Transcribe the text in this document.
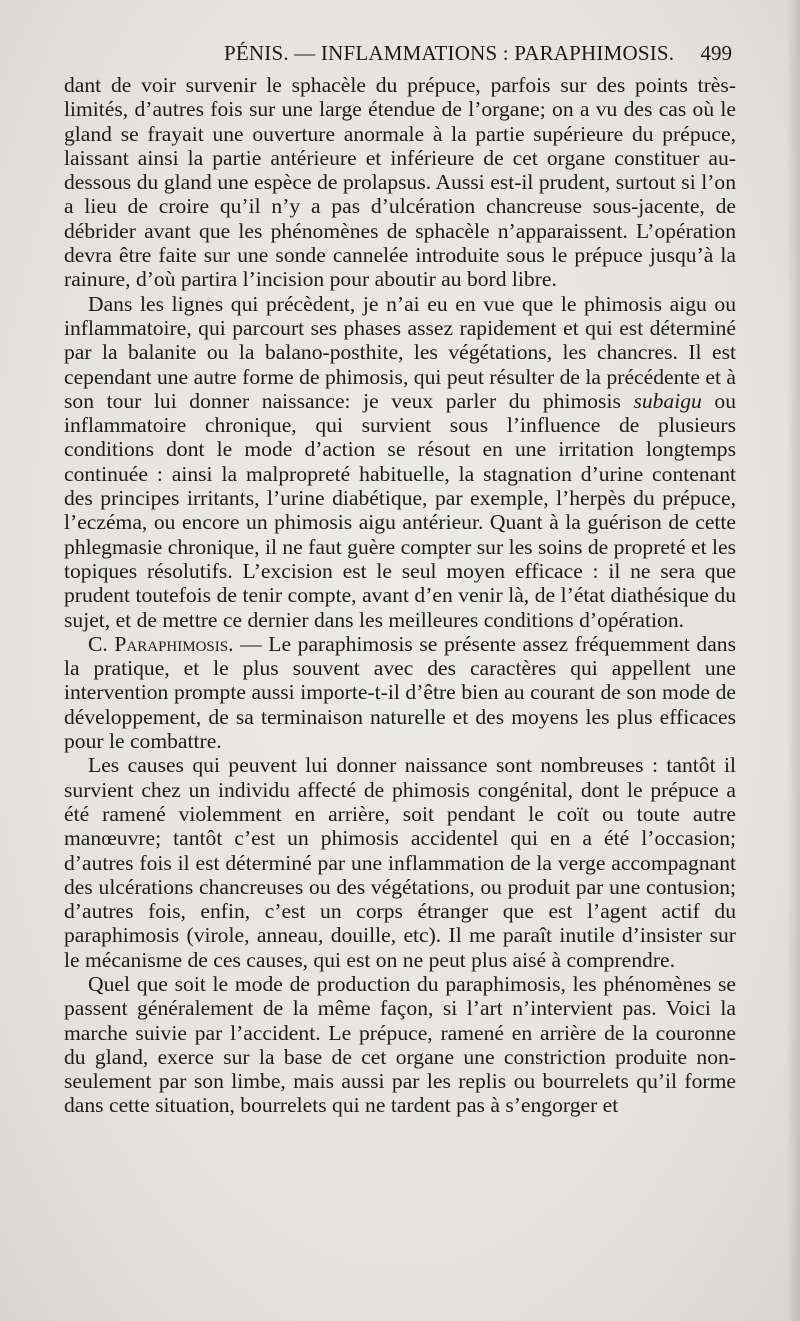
PÉNIS. — INFLAMMATIONS : PARAPHIMOSIS. 499

dant de voir survenir le sphacèle du prépuce, parfois sur des points très-limités, d’autres fois sur une large étendue de l’organe; on a vu des cas où le gland se frayait une ouverture anormale à la partie supérieure du prépuce, laissant ainsi la partie antérieure et inférieure de cet organe constituer au-dessous du gland une espèce de prolapsus. Aussi est-il prudent, surtout si l’on a lieu de croire qu’il n’y a pas d’ulcération chancreuse sous-jacente, de débrider avant que les phénomènes de sphacèle n’apparaissent. L’opération devra être faite sur une sonde cannelée introduite sous le prépuce jusqu’à la rainure, d’où partira l’incision pour aboutir au bord libre.

Dans les lignes qui précèdent, je n’ai eu en vue que le phimosis aigu ou inflammatoire, qui parcourt ses phases assez rapidement et qui est déterminé par la balanite ou la balano-posthite, les végétations, les chancres. Il est cependant une autre forme de phimosis, qui peut résulter de la précédente et à son tour lui donner naissance: je veux parler du phimosis subaigu ou inflammatoire chronique, qui survient sous l’influence de plusieurs conditions dont le mode d’action se résout en une irritation longtemps continuée : ainsi la malpropreté habituelle, la stagnation d’urine contenant des principes irritants, l’urine diabétique, par exemple, l’herpès du prépuce, l’eczéma, ou encore un phimosis aigu antérieur. Quant à la guérison de cette phlegmasie chronique, il ne faut guère compter sur les soins de propreté et les topiques résolutifs. L’excision est le seul moyen efficace : il ne sera que prudent toutefois de tenir compte, avant d’en venir là, de l’état diathésique du sujet, et de mettre ce dernier dans les meilleures conditions d’opération.

C. Paraphimosis. — Le paraphimosis se présente assez fréquemment dans la pratique, et le plus souvent avec des caractères qui appellent une intervention prompte aussi importe-t-il d’être bien au courant de son mode de développement, de sa terminaison naturelle et des moyens les plus efficaces pour le combattre.

Les causes qui peuvent lui donner naissance sont nombreuses : tantôt il survient chez un individu affecté de phimosis congénital, dont le prépuce a été ramené violemment en arrière, soit pendant le coït ou toute autre manœuvre; tantôt c’est un phimosis accidentel qui en a été l’occasion; d’autres fois il est déterminé par une inflammation de la verge accompagnant des ulcérations chancreuses ou des végétations, ou produit par une contusion; d’autres fois, enfin, c’est un corps étranger que est l’agent actif du paraphimosis (virole, anneau, douille, etc). Il me paraît inutile d’insister sur le mécanisme de ces causes, qui est on ne peut plus aisé à comprendre.

Quel que soit le mode de production du paraphimosis, les phénomènes se passent généralement de la même façon, si l’art n’intervient pas. Voici la marche suivie par l’accident. Le prépuce, ramené en arrière de la couronne du gland, exerce sur la base de cet organe une constriction produite non-seulement par son limbe, mais aussi par les replis ou bourrelets qu’il forme dans cette situation, bourrelets qui ne tardent pas à s’engorger et
